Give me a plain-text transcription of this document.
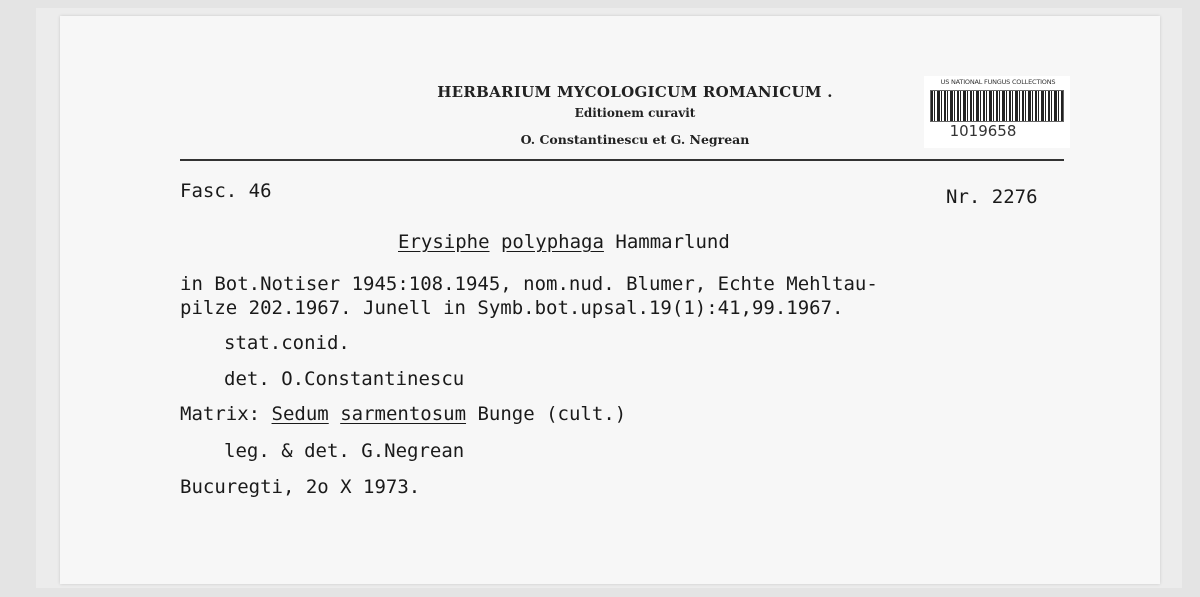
HERBARIUM MYCOLOGICUM ROMANICUM .
Editionem curavit
O. Constantinescu et G. Negrean
US NATIONAL FUNGUS COLLECTIONS
1019658
Fasc. 46	Nr. 2276
Erysiphe polyphaga Hammarlund
in Bot.Notiser 1945:108.1945, nom.nud. Blumer, Echte Mehltau-
pilze 202.1967. Junell in Symb.bot.upsal.19(1):41,99.1967.
stat.conid.
det. O.Constantinescu
Matrix: Sedum sarmentosum Bunge (cult.)
leg. & det. G.Negrean
Bucuregti, 2o X 1973.
